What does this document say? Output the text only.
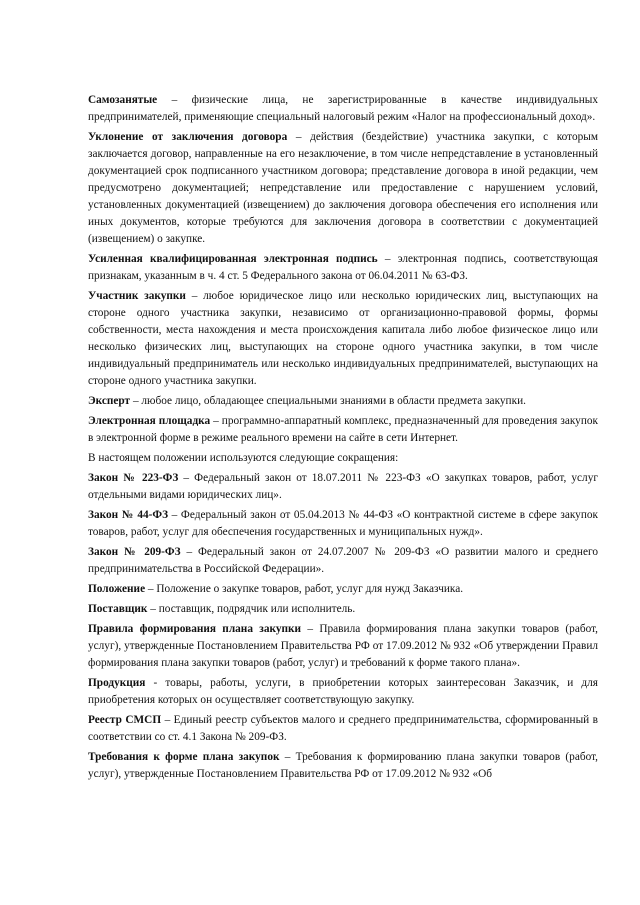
Самозанятые – физические лица, не зарегистрированные в качестве индивидуальных предпринимателей, применяющие специальный налоговый режим «Налог на профессиональный доход».

Уклонение от заключения договора – действия (бездействие) участника закупки, с которым заключается договор, направленные на его незаключение, в том числе непредставление в установленный документацией срок подписанного участником договора; представление договора в иной редакции, чем предусмотрено документацией; непредставление или предоставление с нарушением условий, установленных документацией (извещением) до заключения договора обеспечения его исполнения или иных документов, которые требуются для заключения договора в соответствии с документацией (извещением) о закупке.

Усиленная квалифицированная электронная подпись – электронная подпись, соответствующая признакам, указанным в ч. 4 ст. 5 Федерального закона от 06.04.2011 № 63-ФЗ.

Участник закупки – любое юридическое лицо или несколько юридических лиц, выступающих на стороне одного участника закупки, независимо от организационно-правовой формы, формы собственности, места нахождения и места происхождения капитала либо любое физическое лицо или несколько физических лиц, выступающих на стороне одного участника закупки, в том числе индивидуальный предприниматель или несколько индивидуальных предпринимателей, выступающих на стороне одного участника закупки.

Эксперт – любое лицо, обладающее специальными знаниями в области предмета закупки.

Электронная площадка – программно-аппаратный комплекс, предназначенный для проведения закупок в электронной форме в режиме реального времени на сайте в сети Интернет.

В настоящем положении используются следующие сокращения:

Закон № 223-ФЗ – Федеральный закон от 18.07.2011 № 223-ФЗ «О закупках товаров, работ, услуг отдельными видами юридических лиц».

Закон № 44-ФЗ – Федеральный закон от 05.04.2013 № 44-ФЗ «О контрактной системе в сфере закупок товаров, работ, услуг для обеспечения государственных и муниципальных нужд».

Закон № 209-ФЗ – Федеральный закон от 24.07.2007 № 209-ФЗ «О развитии малого и среднего предпринимательства в Российской Федерации».

Положение – Положение о закупке товаров, работ, услуг для нужд Заказчика.

Поставщик – поставщик, подрядчик или исполнитель.

Правила формирования плана закупки – Правила формирования плана закупки товаров (работ, услуг), утвержденные Постановлением Правительства РФ от 17.09.2012 № 932 «Об утверждении Правил формирования плана закупки товаров (работ, услуг) и требований к форме такого плана».

Продукция - товары, работы, услуги, в приобретении которых заинтересован Заказчик, и для приобретения которых он осуществляет соответствующую закупку.

Реестр СМСП – Единый реестр субъектов малого и среднего предпринимательства, сформированный в соответствии со ст. 4.1 Закона № 209-ФЗ.

Требования к форме плана закупок – Требования к формированию плана закупки товаров (работ, услуг), утвержденные Постановлением Правительства РФ от 17.09.2012 № 932 «Об
